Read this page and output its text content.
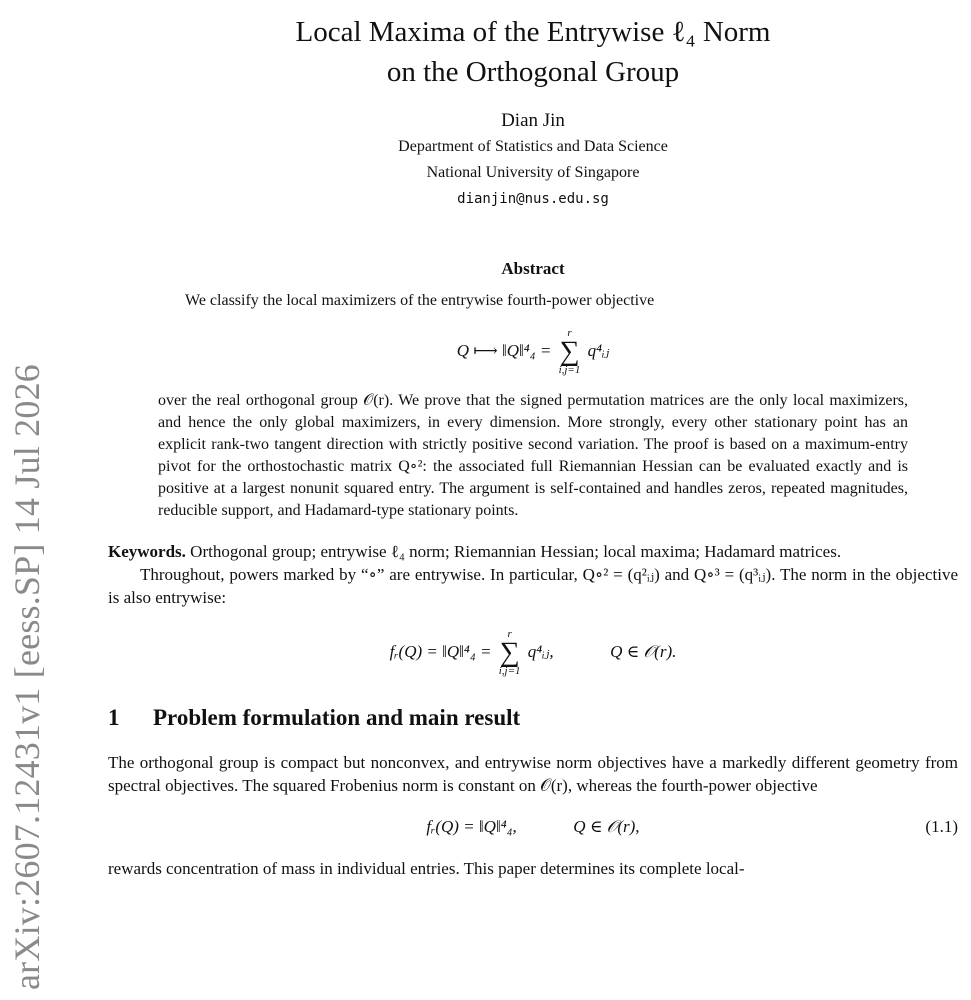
arXiv:2607.12431v1 [eess.SP] 14 Jul 2026
Local Maxima of the Entrywise ℓ₄ Norm
on the Orthogonal Group
Dian Jin
Department of Statistics and Data Science
National University of Singapore
dianjin@nus.edu.sg
Abstract
We classify the local maximizers of the entrywise fourth-power objective
Q ⟼ ‖Q‖⁴₄ =
r
∑
i,j=1
q⁴ᵢⱼ
over the real orthogonal group 𝒪(r). We prove that the signed permutation matrices are the only local maximizers, and hence the only global maximizers, in every dimension. More strongly, every other stationary point has an explicit rank-two tangent direction with strictly positive second variation. The proof is based on a maximum-entry pivot for the orthostochastic matrix Q∘²: the associated full Riemannian Hessian can be evaluated exactly and is positive at a largest nonunit squared entry. The argument is self-contained and handles zeros, repeated magnitudes, reducible support, and Hadamard-type stationary points.
Keywords. Orthogonal group; entrywise ℓ₄ norm; Riemannian Hessian; local maxima; Hadamard matrices.
Throughout, powers marked by “∘” are entrywise. In particular, Q∘² = (q²ᵢⱼ) and Q∘³ = (q³ᵢⱼ). The norm in the objective is also entrywise:
fᵣ(Q) = ‖Q‖⁴₄ =
r
∑
i,j=1
q⁴ᵢⱼ,	Q ∈ 𝒪(r).
1 Problem formulation and main result
The orthogonal group is compact but nonconvex, and entrywise norm objectives have a markedly different geometry from spectral objectives. The squared Frobenius norm is constant on 𝒪(r), whereas the fourth-power objective
fᵣ(Q) = ‖Q‖⁴₄,	Q ∈ 𝒪(r),	(1.1)
rewards concentration of mass in individual entries. This paper determines its complete local-
